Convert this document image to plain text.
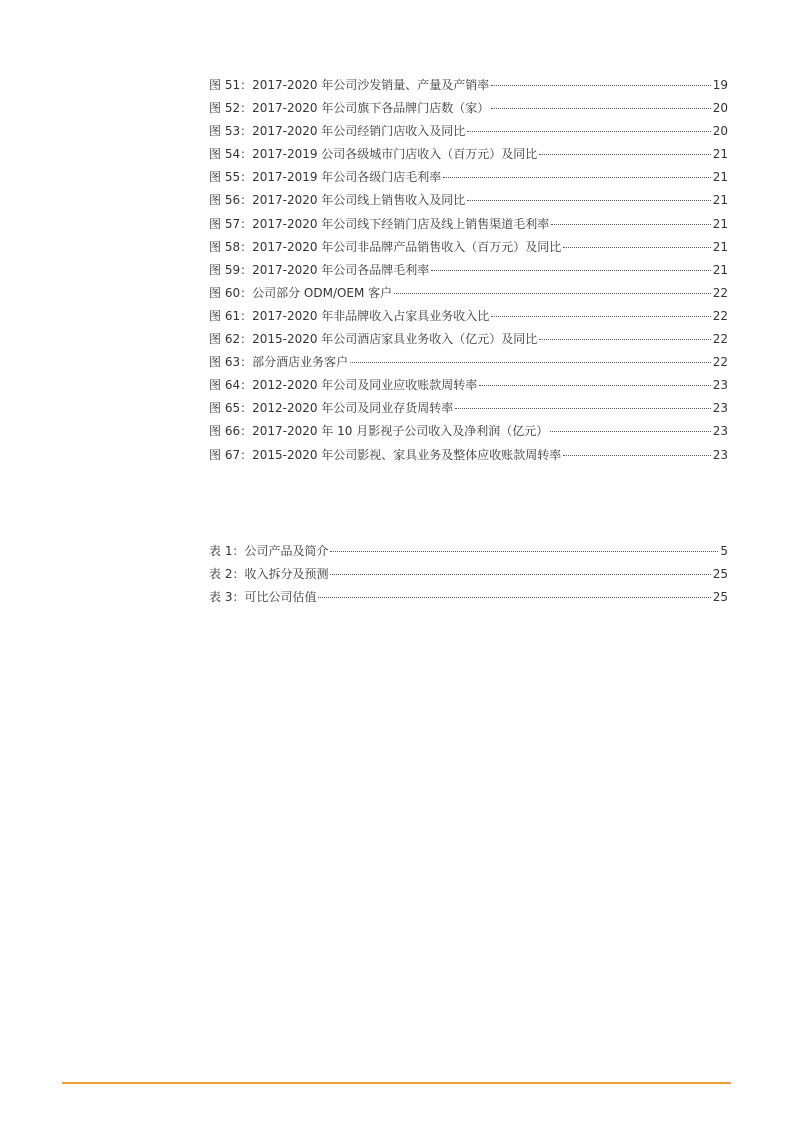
图 51：2017-2020 年公司沙发销量、产量及产销率	19
图 52：2017-2020 年公司旗下各品牌门店数（家）	20
图 53：2017-2020 年公司经销门店收入及同比	20
图 54：2017-2019 公司各级城市门店收入（百万元）及同比	21
图 55：2017-2019 年公司各级门店毛利率	21
图 56：2017-2020 年公司线上销售收入及同比	21
图 57：2017-2020 年公司线下经销门店及线上销售渠道毛利率	21
图 58：2017-2020 年公司非品牌产品销售收入（百万元）及同比	21
图 59：2017-2020 年公司各品牌毛利率	21
图 60：公司部分 ODM/OEM 客户	22
图 61：2017-2020 年非品牌收入占家具业务收入比	22
图 62：2015-2020 年公司酒店家具业务收入（亿元）及同比	22
图 63：部分酒店业务客户	22
图 64：2012-2020 年公司及同业应收账款周转率	23
图 65：2012-2020 年公司及同业存货周转率	23
图 66：2017-2020 年 10 月影视子公司收入及净利润（亿元）	23
图 67：2015-2020 年公司影视、家具业务及整体应收账款周转率	23
表 1：公司产品及简介	5
表 2：收入拆分及预测	25
表 3：可比公司估值	25
